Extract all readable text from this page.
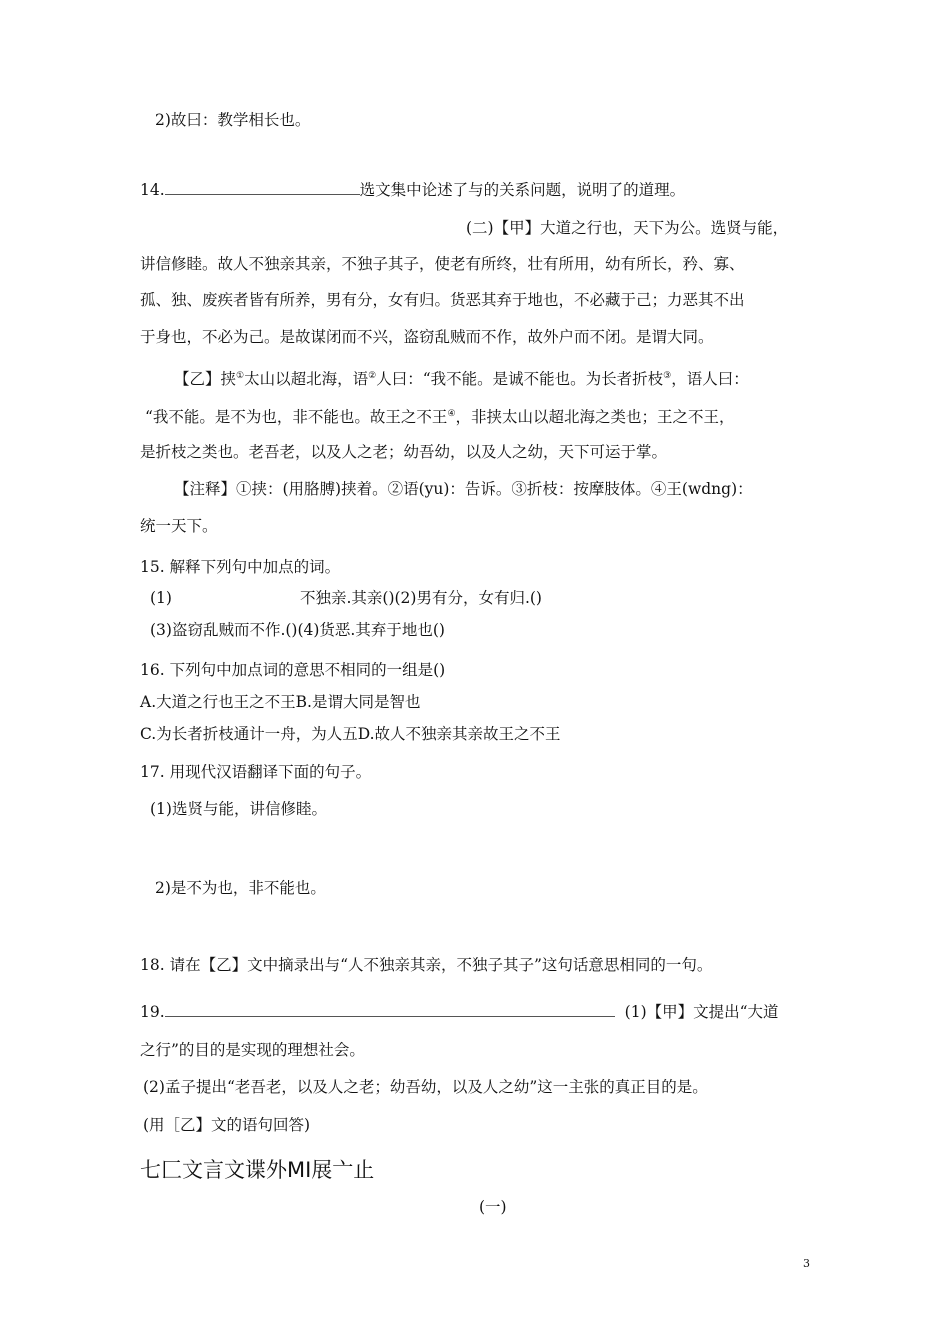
2)故曰：教学相长也。
14.	选文集中论述了与的关系问题，说明了的道理。
(二)【甲】大道之行也，天下为公。选贤与能，
讲信修睦。故人不独亲其亲，不独子其子，使老有所终，壮有所用，幼有所长，矜、寡、
孤、独、废疾者皆有所养，男有分，女有归。货恶其弃于地也，不必藏于己；力恶其不出
于身也，不必为己。是故谋闭而不兴，盗窃乱贼而不作，故外户而不闭。是谓大同。
【乙】挟①太山以超北海，语②人曰：“我不能。是诚不能也。为长者折枝③，语人曰：
“我不能。是不为也，非不能也。故王之不王④，非挟太山以超北海之类也；王之不王，
是折枝之类也。老吾老，以及人之老；幼吾幼，以及人之幼，天下可运于掌。
【注释】①挟：(用胳膊)挟着。②语(yu)：告诉。③折枝：按摩肢体。④王(wdng)：
统一天下。
15. 解释下列句中加点的词。
(1)	不独亲.其亲()(2)男有分，女有归.()
(3)盗窃乱贼而不作.()(4)货恶.其弃于地也()
16. 下列句中加点词的意思不相同的一组是()
A.大道之行也王之不王B.是谓大同是智也
C.为长者折枝通计一舟，为人五D.故人不独亲其亲故王之不王
17. 用现代汉语翻译下面的句子。
(1)选贤与能，讲信修睦。
2)是不为也，非不能也。
18. 请在【乙】文中摘录出与“人不独亲其亲，不独子其子”这句话意思相同的一句。
19.	(1)【甲】文提出“大道
之行”的目的是实现的理想社会。
(2)孟子提出“老吾老，以及人之老；幼吾幼，以及人之幼”这一主张的真正目的是。
(用［乙】文的语句回答)
七匚文言文谍外MI展亠止
(一)
3
